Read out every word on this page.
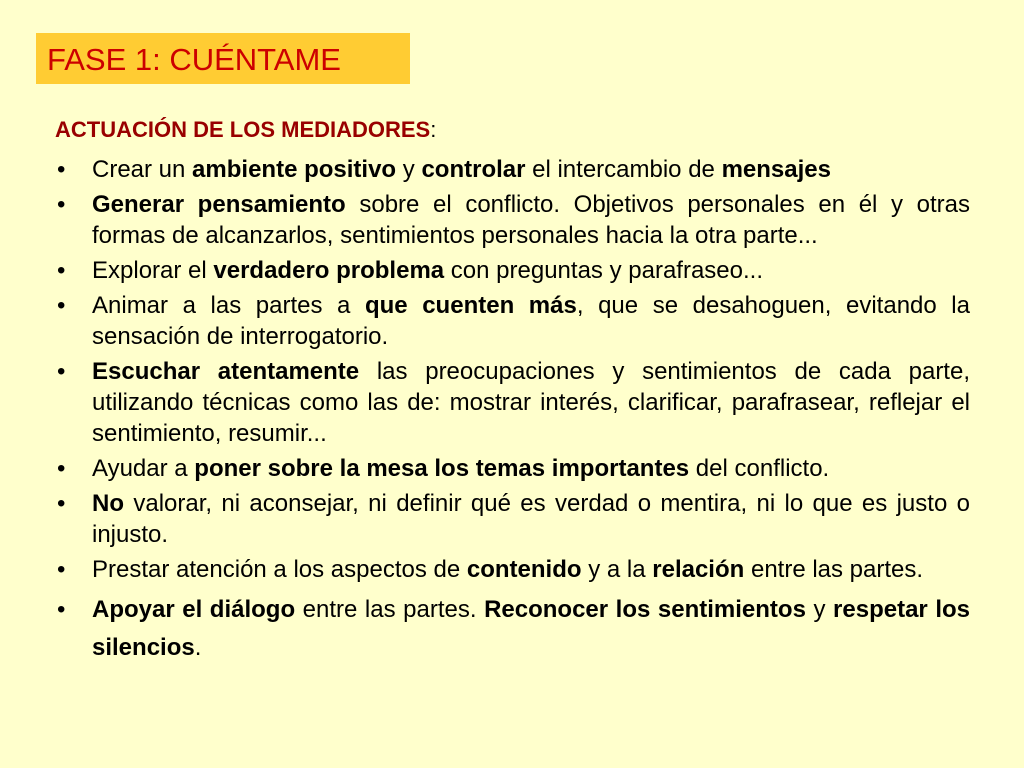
FASE 1: CUÉNTAME
ACTUACIÓN DE LOS MEDIADORES:
• Crear un ambiente positivo y controlar el intercambio de mensajes
• Generar pensamiento sobre el conflicto. Objetivos personales en él y otras formas de alcanzarlos, sentimientos personales hacia la otra parte...
• Explorar el verdadero problema con preguntas y parafraseo...
• Animar a las partes a que cuenten más, que se desahoguen, evitando la sensación de interrogatorio.
• Escuchar atentamente las preocupaciones y sentimientos de cada parte, utilizando técnicas como las de: mostrar interés, clarificar, parafrasear, reflejar el sentimiento, resumir...
• Ayudar a poner sobre la mesa los temas importantes del conflicto.
• No valorar, ni aconsejar, ni definir qué es verdad o mentira, ni lo que es justo o injusto.
• Prestar atención a los aspectos de contenido y a la relación entre las partes.
• Apoyar el diálogo entre las partes. Reconocer los sentimientos y respetar los silencios.
